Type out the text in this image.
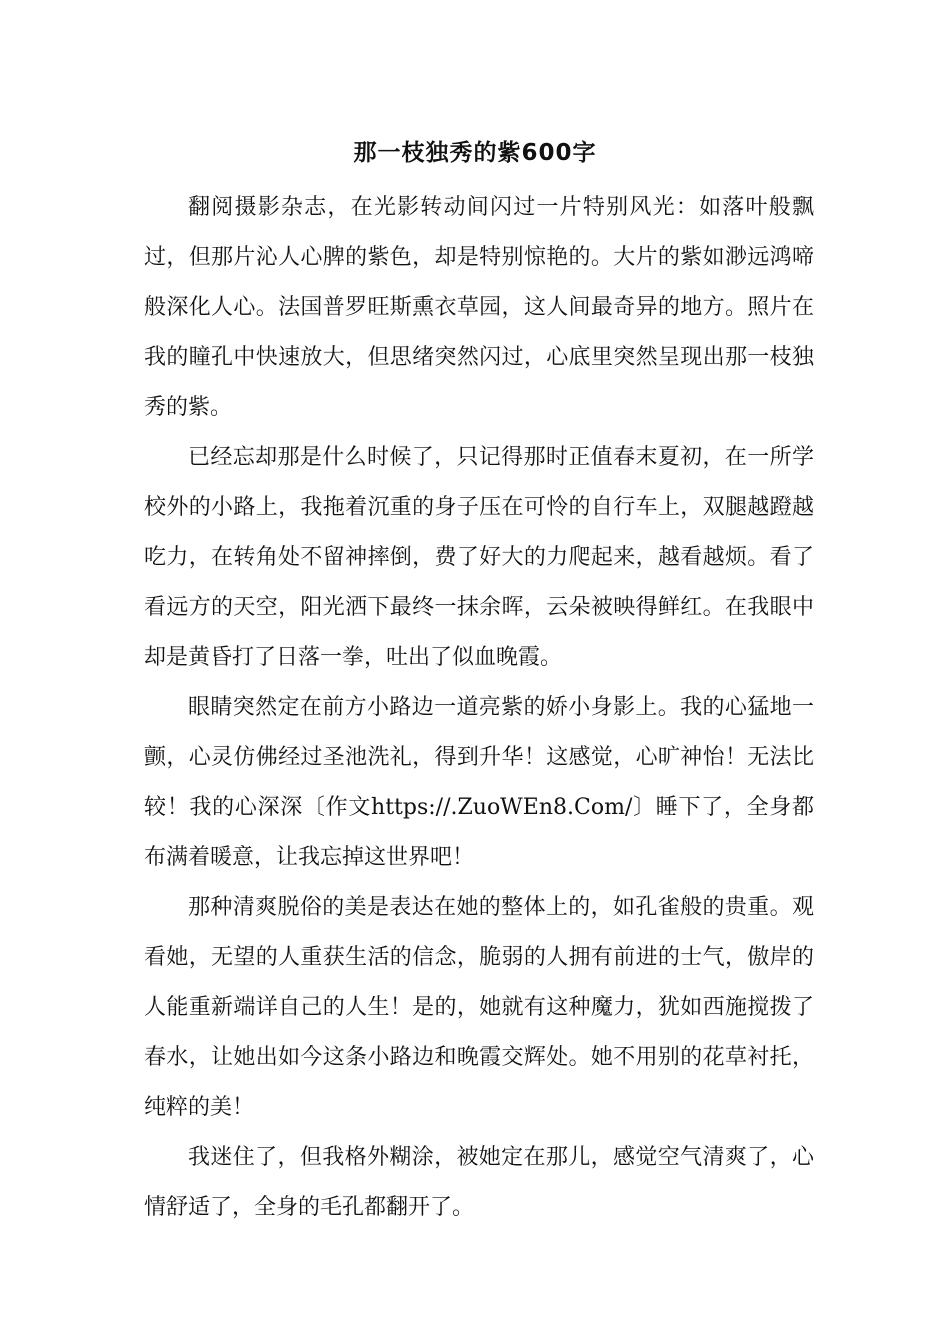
那一枝独秀的紫600字

翻阅摄影杂志，在光影转动间闪过一片特别风光：如落叶般飘过，但那片沁人心脾的紫色，却是特别惊艳的。大片的紫如渺远鸿啼般深化人心。法国普罗旺斯熏衣草园，这人间最奇异的地方。照片在我的瞳孔中快速放大，但思绪突然闪过，心底里突然呈现出那一枝独秀的紫。

已经忘却那是什么时候了，只记得那时正值春末夏初，在一所学校外的小路上，我拖着沉重的身子压在可怜的自行车上，双腿越蹬越吃力，在转角处不留神摔倒，费了好大的力爬起来，越看越烦。看了看远方的天空，阳光洒下最终一抹余晖，云朵被映得鲜红。在我眼中却是黄昏打了日落一拳，吐出了似血晚霞。

眼睛突然定在前方小路边一道亮紫的娇小身影上。我的心猛地一颤，心灵仿佛经过圣池洗礼，得到升华！这感觉，心旷神怡！无法比较！我的心深深〔作文https://.ZuoWEn8.Com/〕睡下了，全身都布满着暖意，让我忘掉这世界吧！

那种清爽脱俗的美是表达在她的整体上的，如孔雀般的贵重。观看她，无望的人重获生活的信念，脆弱的人拥有前进的士气，傲岸的人能重新端详自己的人生！是的，她就有这种魔力，犹如西施搅拨了春水，让她出如今这条小路边和晚霞交辉处。她不用别的花草衬托，纯粹的美！

我迷住了，但我格外糊涂，被她定在那儿，感觉空气清爽了，心情舒适了，全身的毛孔都翻开了。
